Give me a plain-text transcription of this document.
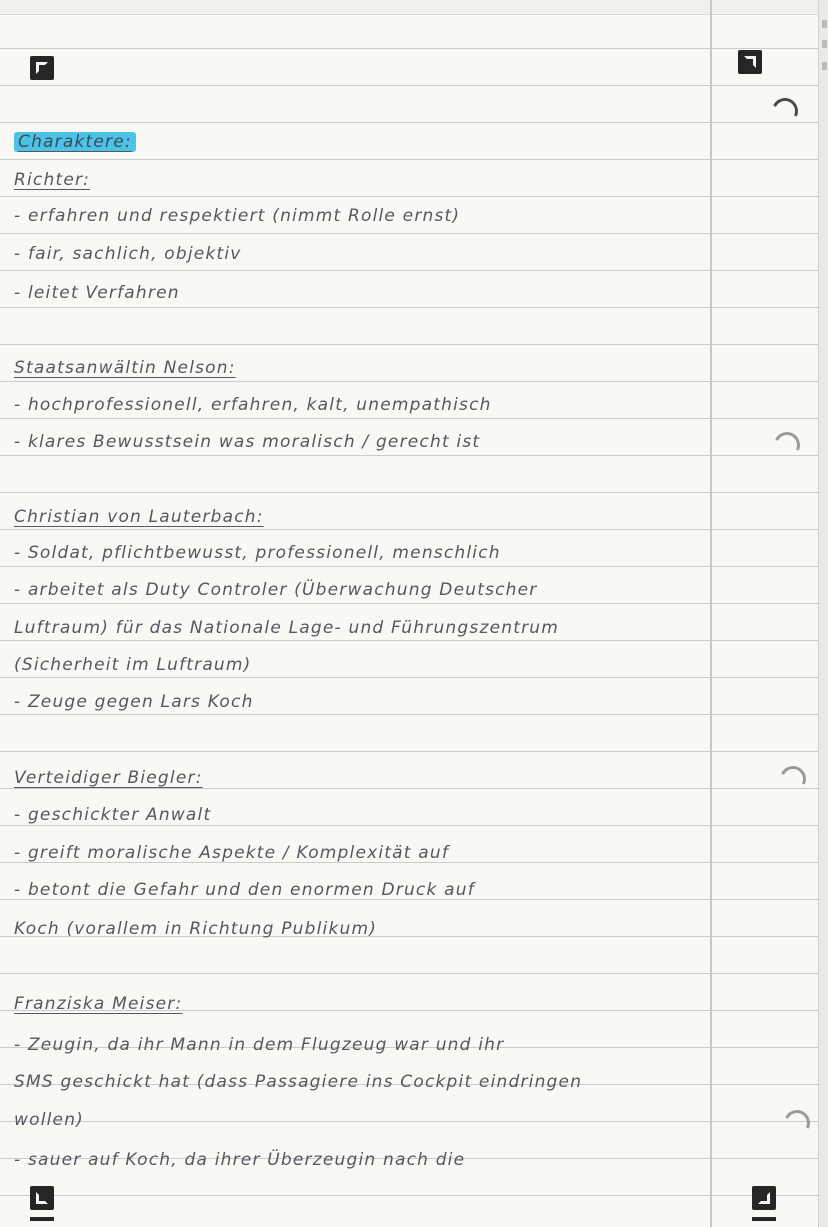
Charaktere:
Richter:
- erfahren und respektiert (nimmt Rolle ernst)
- fair, sachlich, objektiv
- leitet Verfahren
Staatsanwältin Nelson:
- hochprofessionell, erfahren, kalt, unempathisch
- klares Bewusstsein was moralisch / gerecht ist
Christian von Lauterbach:
- Soldat, pflichtbewusst, professionell, menschlich
- arbeitet als Duty Controler (Überwachung Deutscher
Luftraum) für das Nationale Lage- und Führungszentrum
(Sicherheit im Luftraum)
- Zeuge gegen Lars Koch
Verteidiger Biegler:
- geschickter Anwalt
- greift moralische Aspekte / Komplexität auf
- betont die Gefahr und den enormen Druck auf
Koch (vorallem in Richtung Publikum)
Franziska Meiser:
- Zeugin, da ihr Mann in dem Flugzeug war und ihr
SMS geschickt hat (dass Passagiere ins Cockpit eindringen
wollen)
- sauer auf Koch, da ihrer Überzeugin nach die
